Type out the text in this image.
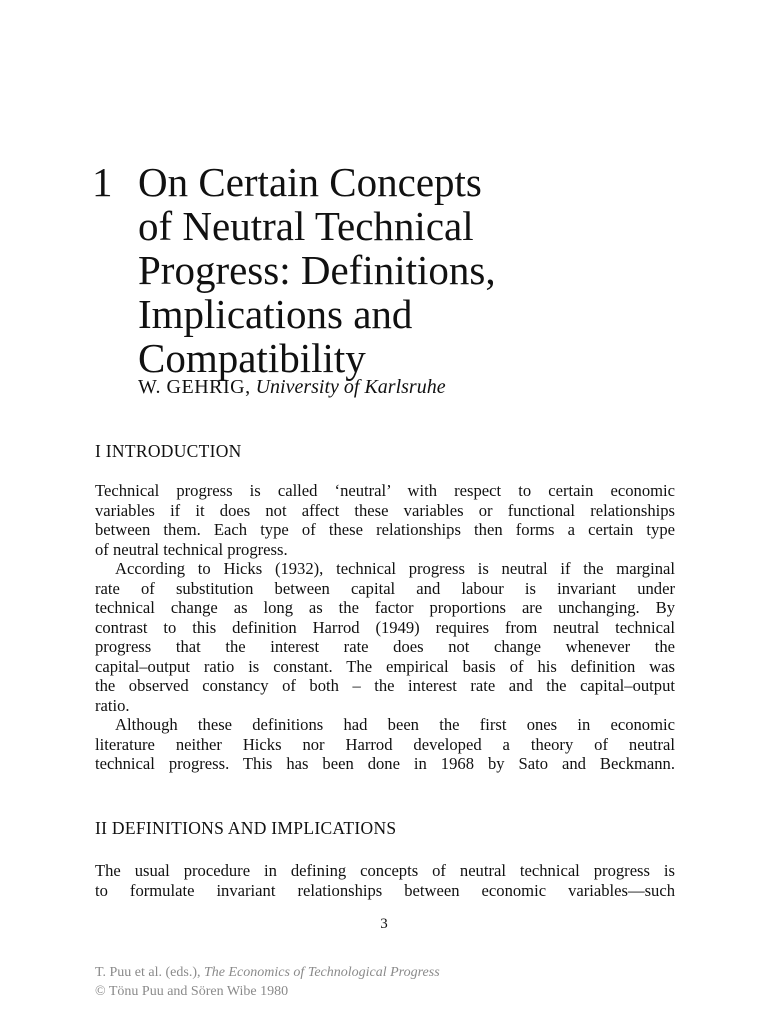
1 On Certain Concepts
of Neutral Technical
Progress: Definitions,
Implications and
Compatibility
W. GEHRIG, University of Karlsruhe
I INTRODUCTION
Technical progress is called ‘neutral’ with respect to certain economic
variables if it does not affect these variables or functional relationships
between them. Each type of these relationships then forms a certain type
of neutral technical progress.
According to Hicks (1932), technical progress is neutral if the marginal
rate of substitution between capital and labour is invariant under
technical change as long as the factor proportions are unchanging. By
contrast to this definition Harrod (1949) requires from neutral technical
progress that the interest rate does not change whenever the
capital–output ratio is constant. The empirical basis of his definition was
the observed constancy of both – the interest rate and the capital–output
ratio.
Although these definitions had been the first ones in economic
literature neither Hicks nor Harrod developed a theory of neutral
technical progress. This has been done in 1968 by Sato and Beckmann.
II DEFINITIONS AND IMPLICATIONS
The usual procedure in defining concepts of neutral technical progress is
to formulate invariant relationships between economic variables—such
3
T. Puu et al. (eds.), The Economics of Technological Progress
© Tönu Puu and Sören Wibe 1980
